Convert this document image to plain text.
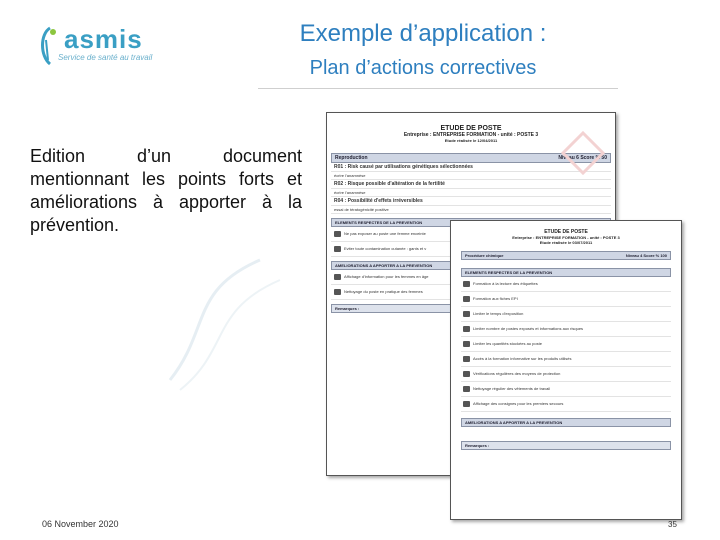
asmis
Service de santé au travail
Exemple d’application :
Plan d’actions correctives
Edition d’un document mentionnant les points forts et améliorations à apporter à la prévention.
ETUDE DE POSTE
Entreprise : ENTREPRISE FORMATION - unité : POSTE 3
Etude réalisée le 12/04/2011
Reproduction	Niveau 6 Score % 50
R01 : Risk causé par utilisations génétiques sélectionnées
écrire l'anamnèse
R02 : Risque possible d'altération de la fertilité
écrire l'anamnèse
R04 : Possibilité d'effets irréversibles
essai de tératogénicité positive
ELEMENTS RESPECTES DE LA PREVENTION
Ne pas exposer au poste une femme enceinte
Eviter toute contamination cutanée : gants et v
AMELIORATIONS A APPORTER A LA PREVENTION
Affichage d'information pour les femmes en âge
Nettoyage du poste en pratique des femmes
Remarques :
ETUDE DE POSTE
Entreprise : ENTREPRISE FORMATION - unité : POSTE 3
Etude réalisée le 03/07/2011
Procédure chimique	Niveau 4 Score % 100
ELEMENTS RESPECTES DE LA PREVENTION
Formation à la lecture des étiquettes
Formation aux fiches EPI
Limiter le temps d'exposition
Limiter nombre de postes exposés et informations aux risques
Limiter les quantités stockées au poste
Accès à la formation informative sur les produits utilisés
Vérifications régulières des moyens de protection
Nettoyage régulier des vêtements de travail
Affichage des consignes pour les premiers secours
AMELIORATIONS A APPORTER A LA PREVENTION
Remarques :
06 November 2020	35
